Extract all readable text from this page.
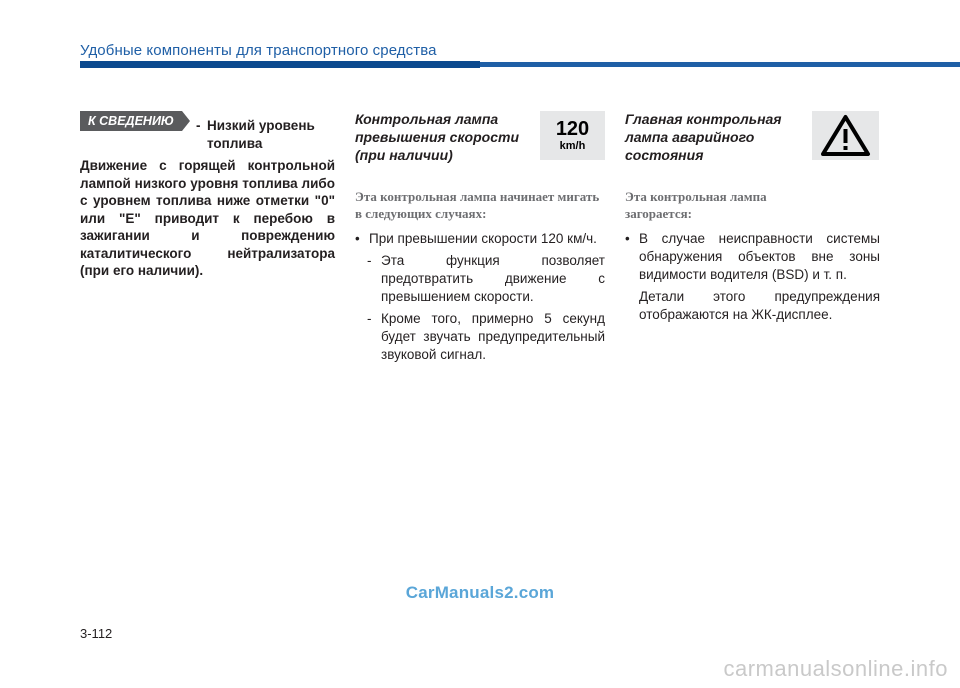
Удобные компоненты для транспортного средства
К СВЕДЕНИЮ	- Низкий уровень топлива
Движение с горящей контрольной лампой низкого уровня топлива либо с уровнем топлива ниже отметки "0" или "E" приводит к перебою в зажигании и повреждению каталитического нейтрализатора (при его наличии).
Контрольная лампа превышения скорости (при наличии)
Эта контрольная лампа начинает мигать в следующих случаях:
• При превышении скорости 120 км/ч.
- Эта функция позволяет предотвратить движение с превышением скорости.
- Кроме того, примерно 5 секунд будет звучать предупредительный звуковой сигнал.
120
km/h
Главная контрольная лампа аварийного состояния
Эта контрольная лампа загорается:
• В случае неисправности системы обнаружения объектов вне зоны видимости водителя (BSD) и т. п.
Детали этого предупреждения отображаются на ЖК-дисплее.
CarManuals2.com
3-112
carmanualsonline.info
